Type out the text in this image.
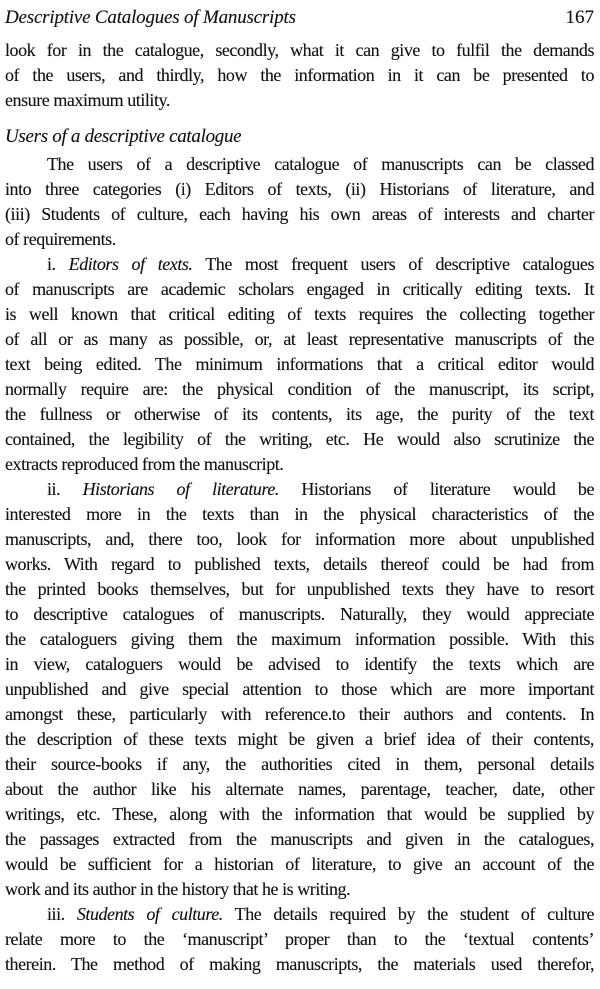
Descriptive Catalogues of Manuscripts	167
look for in the catalogue, secondly, what it can give to fulfil the demands
of the users, and thirdly, how the information in it can be presented to
ensure maximum utility.
Users of a descriptive catalogue
The users of a descriptive catalogue of manuscripts can be classed
into three categories (i) Editors of texts, (ii) Historians of literature, and
(iii) Students of culture, each having his own areas of interests and charter
of requirements.
i. Editors of texts. The most frequent users of descriptive catalogues
of manuscripts are academic scholars engaged in critically editing texts. It
is well known that critical editing of texts requires the collecting together
of all or as many as possible, or, at least representative manuscripts of the
text being edited. The minimum informations that a critical editor would
normally require are: the physical condition of the manuscript, its script,
the fullness or otherwise of its contents, its age, the purity of the text
contained, the legibility of the writing, etc. He would also scrutinize the
extracts reproduced from the manuscript.
ii. Historians of literature. Historians of literature would be
interested more in the texts than in the physical characteristics of the
manuscripts, and, there too, look for information more about unpublished
works. With regard to published texts, details thereof could be had from
the printed books themselves, but for unpublished texts they have to resort
to descriptive catalogues of manuscripts. Naturally, they would appreciate
the cataloguers giving them the maximum information possible. With this
in view, cataloguers would be advised to identify the texts which are
unpublished and give special attention to those which are more important
amongst these, particularly with reference.to their authors and contents. In
the description of these texts might be given a brief idea of their contents,
their source-books if any, the authorities cited in them, personal details
about the author like his alternate names, parentage, teacher, date, other
writings, etc. These, along with the information that would be supplied by
the passages extracted from the manuscripts and given in the catalogues,
would be sufficient for a historian of literature, to give an account of the
work and its author in the history that he is writing.
iii. Students of culture. The details required by the student of culture
relate more to the ‘manuscript’ proper than to the ‘textual contents’
therein. The method of making manuscripts, the materials used therefor,
